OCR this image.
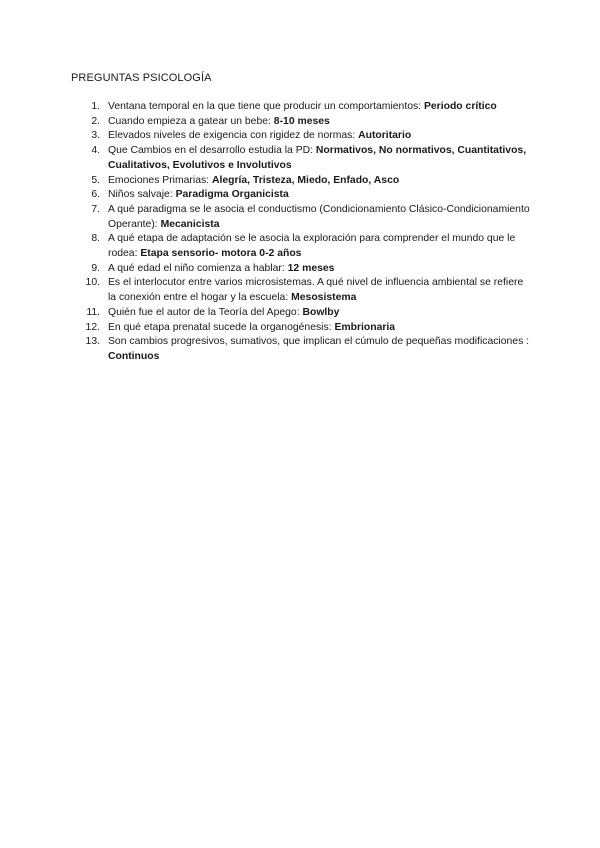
PREGUNTAS PSICOLOGÍA
1. Ventana temporal en la que tiene que producir un comportamientos: Periodo crítico
2. Cuando empieza a gatear un bebe: 8-10 meses
3. Elevados niveles de exigencia con rigidez de normas: Autoritario
4. Que Cambios en el desarrollo estudia la PD: Normativos, No normativos, Cuantitativos, Cualitativos, Evolutivos e Involutivos
5. Emociones Primarias: Alegría, Tristeza, Miedo, Enfado, Asco
6. Niños salvaje: Paradigma Organicista
7. A qué paradigma se le asocia el conductismo (Condicionamiento Clásico-Condicionamiento Operante): Mecanicista
8. A qué etapa de adaptación se le asocia la exploración para comprender el mundo que le rodea: Etapa sensorio- motora 0-2 años
9. A qué edad el niño comienza a hablar: 12 meses
10. Es el interlocutor entre varios microsistemas. A qué nivel de influencia ambiental se refiere la conexión entre el hogar y la escuela: Mesosistema
11. Quién fue el autor de la Teoría del Apego: Bowlby
12. En qué etapa prenatal sucede la organogénesis: Embrionaria
13. Son cambios progresivos, sumativos, que implican el cúmulo de pequeñas modificaciones : Continuos
